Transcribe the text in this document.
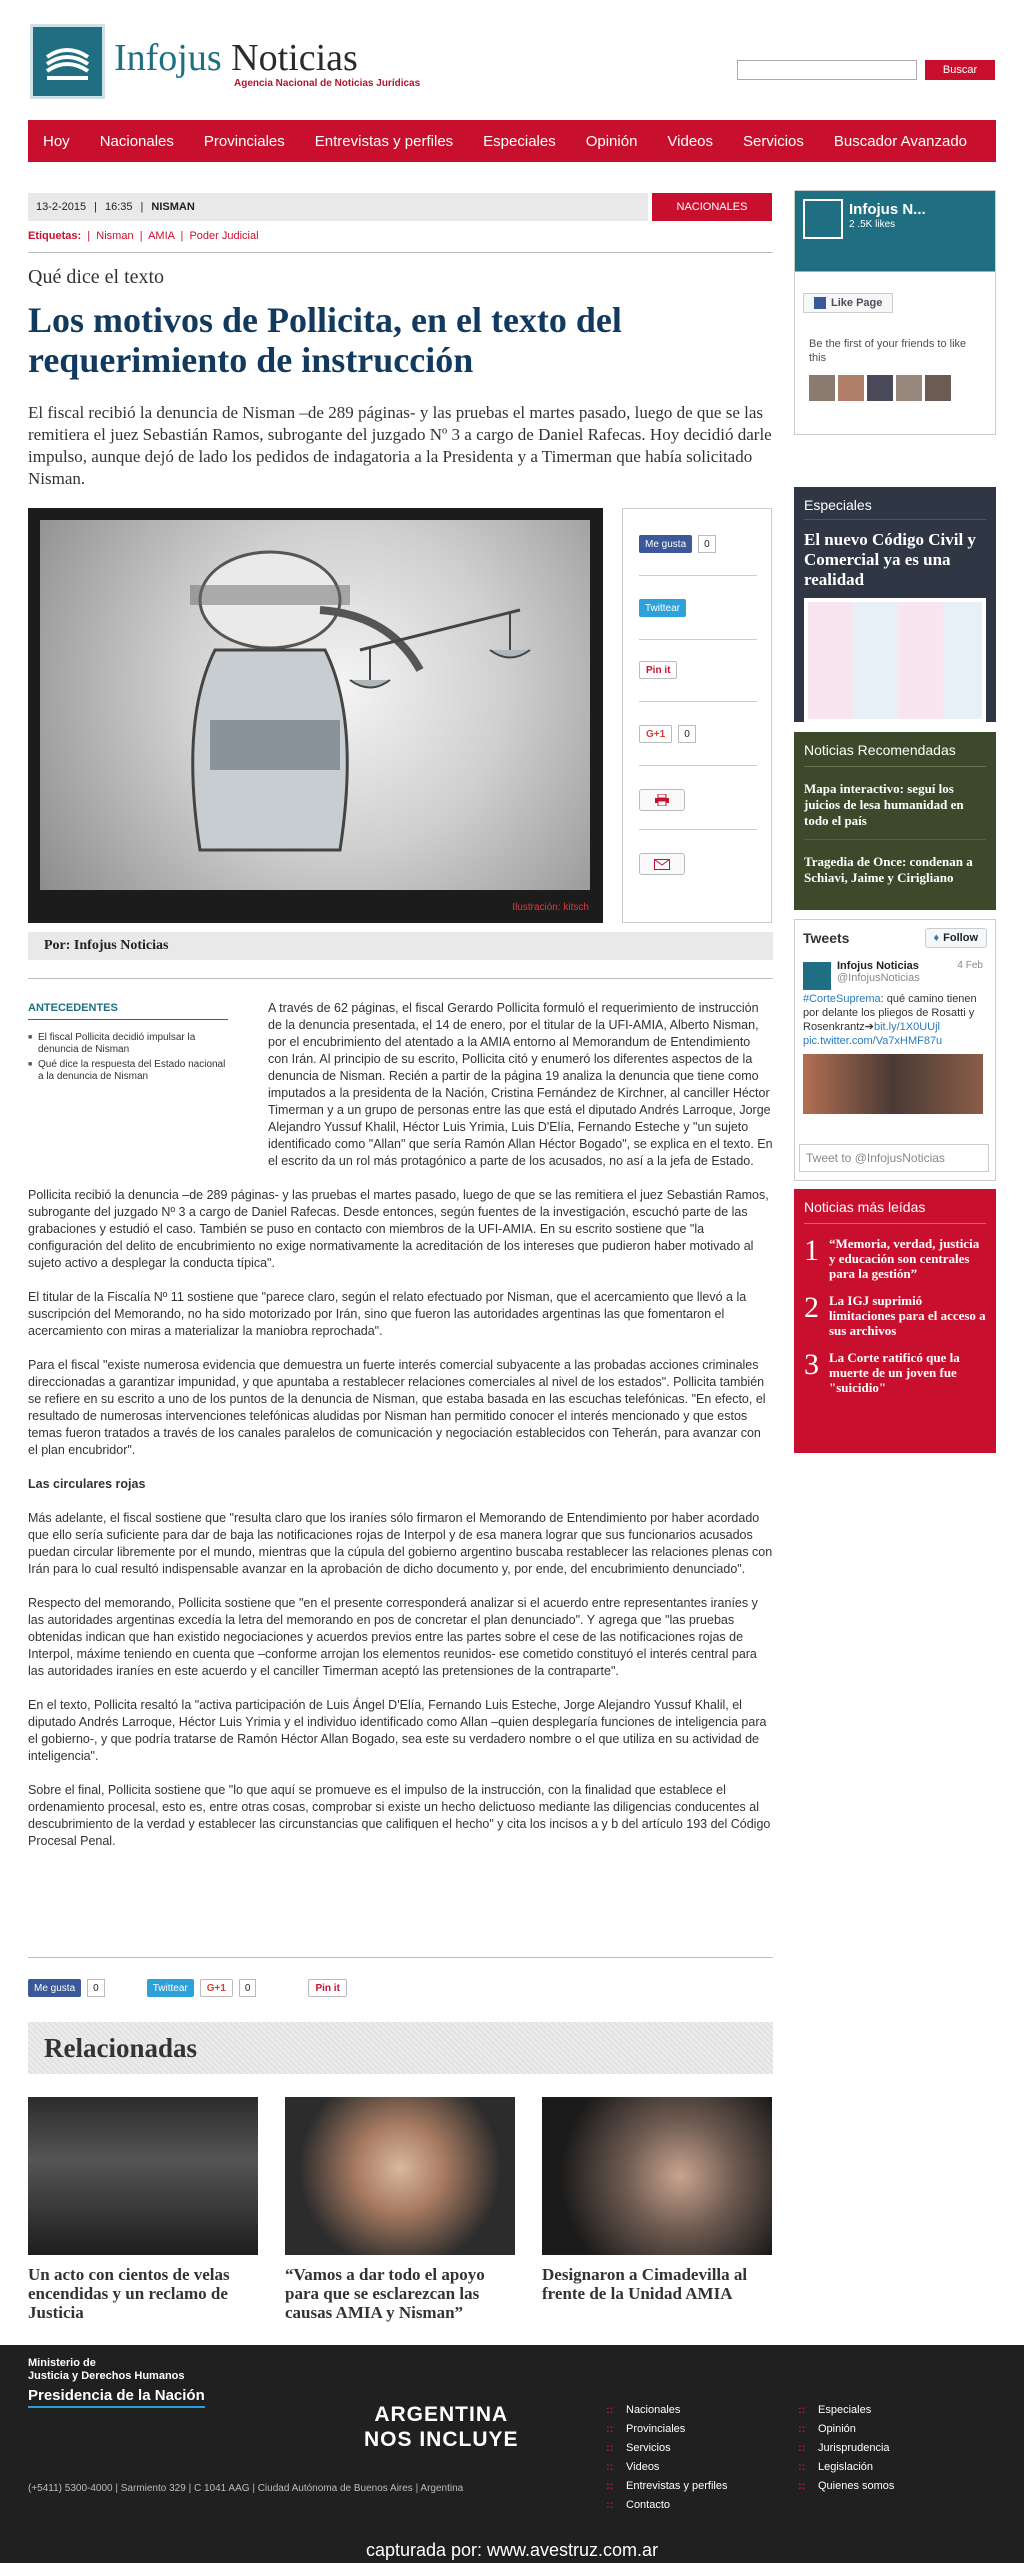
Infojus Noticias
Agencia Nacional de Noticias Jurídicas
Buscar
Hoy	Nacionales	Provinciales	Entrevistas y perfiles	Especiales	Opinión	Videos	Servicios	Buscador Avanzado
13-2-2015 | 16:35 | NISMAN	NACIONALES
Etiquetas:  |  Nisman  |  AMIA  |  Poder Judicial
Qué dice el texto
Los motivos de Pollicita, en el texto del requerimiento de instrucción
El fiscal recibió la denuncia de Nisman –de 289 páginas- y las pruebas el martes pasado, luego de que se las remitiera el juez Sebastián Ramos, subrogante del juzgado Nº 3 a cargo de Daniel Rafecas. Hoy decidió darle impulso, aunque dejó de lado los pedidos de indagatoria a la Presidenta y a Timerman que había solicitado Nisman.
Ilustración: kitsch
Me gusta	0
Twittear
Pin it
G+1	0
Por: Infojus Noticias
ANTECEDENTES
■ El fiscal Pollicita decidió impulsar la denuncia de Nisman
■ Qué dice la respuesta del Estado nacional a la denuncia de Nisman

A través de 62 páginas, el fiscal Gerardo Pollicita formuló el requerimiento de instrucción de la denuncia presentada, el 14 de enero, por el titular de la UFI-AMIA, Alberto Nisman, por el encubrimiento del atentado a la AMIA entorno al Memorandum de Entendimiento con Irán. Al principio de su escrito, Pollicita citó y enumeró los diferentes aspectos de la denuncia de Nisman. Recién a partir de la página 19 analiza la denuncia que tiene como imputados a la presidenta de la Nación, Cristina Fernández de Kirchner, al canciller Héctor Timerman y a un grupo de personas entre las que está el diputado Andrés Larroque, Jorge Alejandro Yussuf Khalil, Héctor Luis Yrimia, Luis D'Elía, Fernando Esteche y "un sujeto identificado como "Allan" que sería Ramón Allan Héctor Bogado", se explica en el texto. En el escrito da un rol más protagónico a parte de los acusados, no así a la jefa de Estado.

Pollicita recibió la denuncia –de 289 páginas- y las pruebas el martes pasado, luego de que se las remitiera el juez Sebastián Ramos, subrogante del juzgado Nº 3 a cargo de Daniel Rafecas. Desde entonces, según fuentes de la investigación, escuchó parte de las grabaciones y estudió el caso. También se puso en contacto con miembros de la UFI-AMIA. En su escrito sostiene que "la configuración del delito de encubrimiento no exige normativamente la acreditación de los intereses que pudieron haber motivado al sujeto activo a desplegar la conducta típica".

El titular de la Fiscalía Nº 11 sostiene que "parece claro, según el relato efectuado por Nisman, que el acercamiento que llevó a la suscripción del Memorando, no ha sido motorizado por Irán, sino que fueron las autoridades argentinas las que fomentaron el acercamiento con miras a materializar la maniobra reprochada".

Para el fiscal "existe numerosa evidencia que demuestra un fuerte interés comercial subyacente a las probadas acciones criminales direccionadas a garantizar impunidad, y que apuntaba a restablecer relaciones comerciales al nivel de los estados". Pollicita también se refiere en su escrito a uno de los puntos de la denuncia de Nisman, que estaba basada en las escuchas telefónicas. "En efecto, el resultado de numerosas intervenciones telefónicas aludidas por Nisman han permitido conocer el interés mencionado y que estos temas fueron tratados a través de los canales paralelos de comunicación y negociación establecidos con Teherán, para avanzar con el plan encubridor".

Las circulares rojas

Más adelante, el fiscal sostiene que "resulta claro que los iraníes sólo firmaron el Memorando de Entendimiento por haber acordado que ello sería suficiente para dar de baja las notificaciones rojas de Interpol y de esa manera lograr que sus funcionarios acusados puedan circular libremente por el mundo, mientras que la cúpula del gobierno argentino buscaba restablecer las relaciones plenas con Irán para lo cual resultó indispensable avanzar en la aprobación de dicho documento y, por ende, del encubrimiento denunciado".

Respecto del memorando, Pollicita sostiene que "en el presente corresponderá analizar si el acuerdo entre representantes iraníes y las autoridades argentinas excedía la letra del memorando en pos de concretar el plan denunciado". Y agrega que "las pruebas obtenidas indican que han existido negociaciones y acuerdos previos entre las partes sobre el cese de las notificaciones rojas de Interpol, máxime teniendo en cuenta que –conforme arrojan los elementos reunidos- ese cometido constituyó el interés central para las autoridades iraníes en este acuerdo y el canciller Timerman aceptó las pretensiones de la contraparte".

En el texto, Pollicita resaltó la "activa participación de Luis Ángel D'Elía, Fernando Luis Esteche, Jorge Alejandro Yussuf Khalil, el diputado Andrés Larroque, Héctor Luis Yrimia y el individuo identificado como Allan –quien desplegaría funciones de inteligencia para el gobierno-, y que podría tratarse de Ramón Héctor Allan Bogado, sea este su verdadero nombre o el que utiliza en su actividad de inteligencia".

Sobre el final, Pollicita sostiene que "lo que aquí se promueve es el impulso de la instrucción, con la finalidad que establece el ordenamiento procesal, esto es, entre otras cosas, comprobar si existe un hecho delictuoso mediante las diligencias conducentes al descubrimiento de la verdad y establecer las circunstancias que califiquen el hecho" y cita los incisos a y b del artículo 193 del Código Procesal Penal.

Me gusta	0	Twittear	G+1	0	Pin it
Relacionadas
Un acto con cientos de velas encendidas y un reclamo de Justicia
“Vamos a dar todo el apoyo para que se esclarezcan las causas AMIA y Nisman”
Designaron a Cimadevilla al frente de la Unidad AMIA
Infojus N...
2 .5K likes
Like Page
Be the first of your friends to like this
Especiales
El nuevo Código Civil y Comercial ya es una realidad
Noticias Recomendadas
Mapa interactivo: seguí los juicios de lesa humanidad en todo el país
Tragedia de Once: condenan a Schiavi, Jaime y Cirigliano
Tweets	♦ Follow
4 Feb
Infojus Noticias
@InfojusNoticias
#CorteSuprema: qué camino tienen por delante los pliegos de Rosatti y Rosenkrantz➔bit.ly/1X0UUjl pic.twitter.com/Va7xHMF87u
Tweet to @InfojusNoticias
Noticias más leídas
1 “Memoria, verdad, justicia y educación son centrales para la gestión”
2 La IGJ suprimió limitaciones para el acceso a sus archivos
3 La Corte ratificó que la muerte de un joven fue "suicidio"
Ministerio de
Justicia y Derechos Humanos
Presidencia de la Nación
ARGENTINA
NOS INCLUYE
(+5411) 5300-4000 | Sarmiento 329 | C 1041 AAG | Ciudad Autónoma de Buenos Aires | Argentina
:: Nacionales
:: Provinciales
:: Servicios
:: Videos
:: Entrevistas y perfiles
:: Contacto
:: Especiales
:: Opinión
:: Jurisprudencia
:: Legislación
:: Quienes somos
capturada por: www.avestruz.com.ar
